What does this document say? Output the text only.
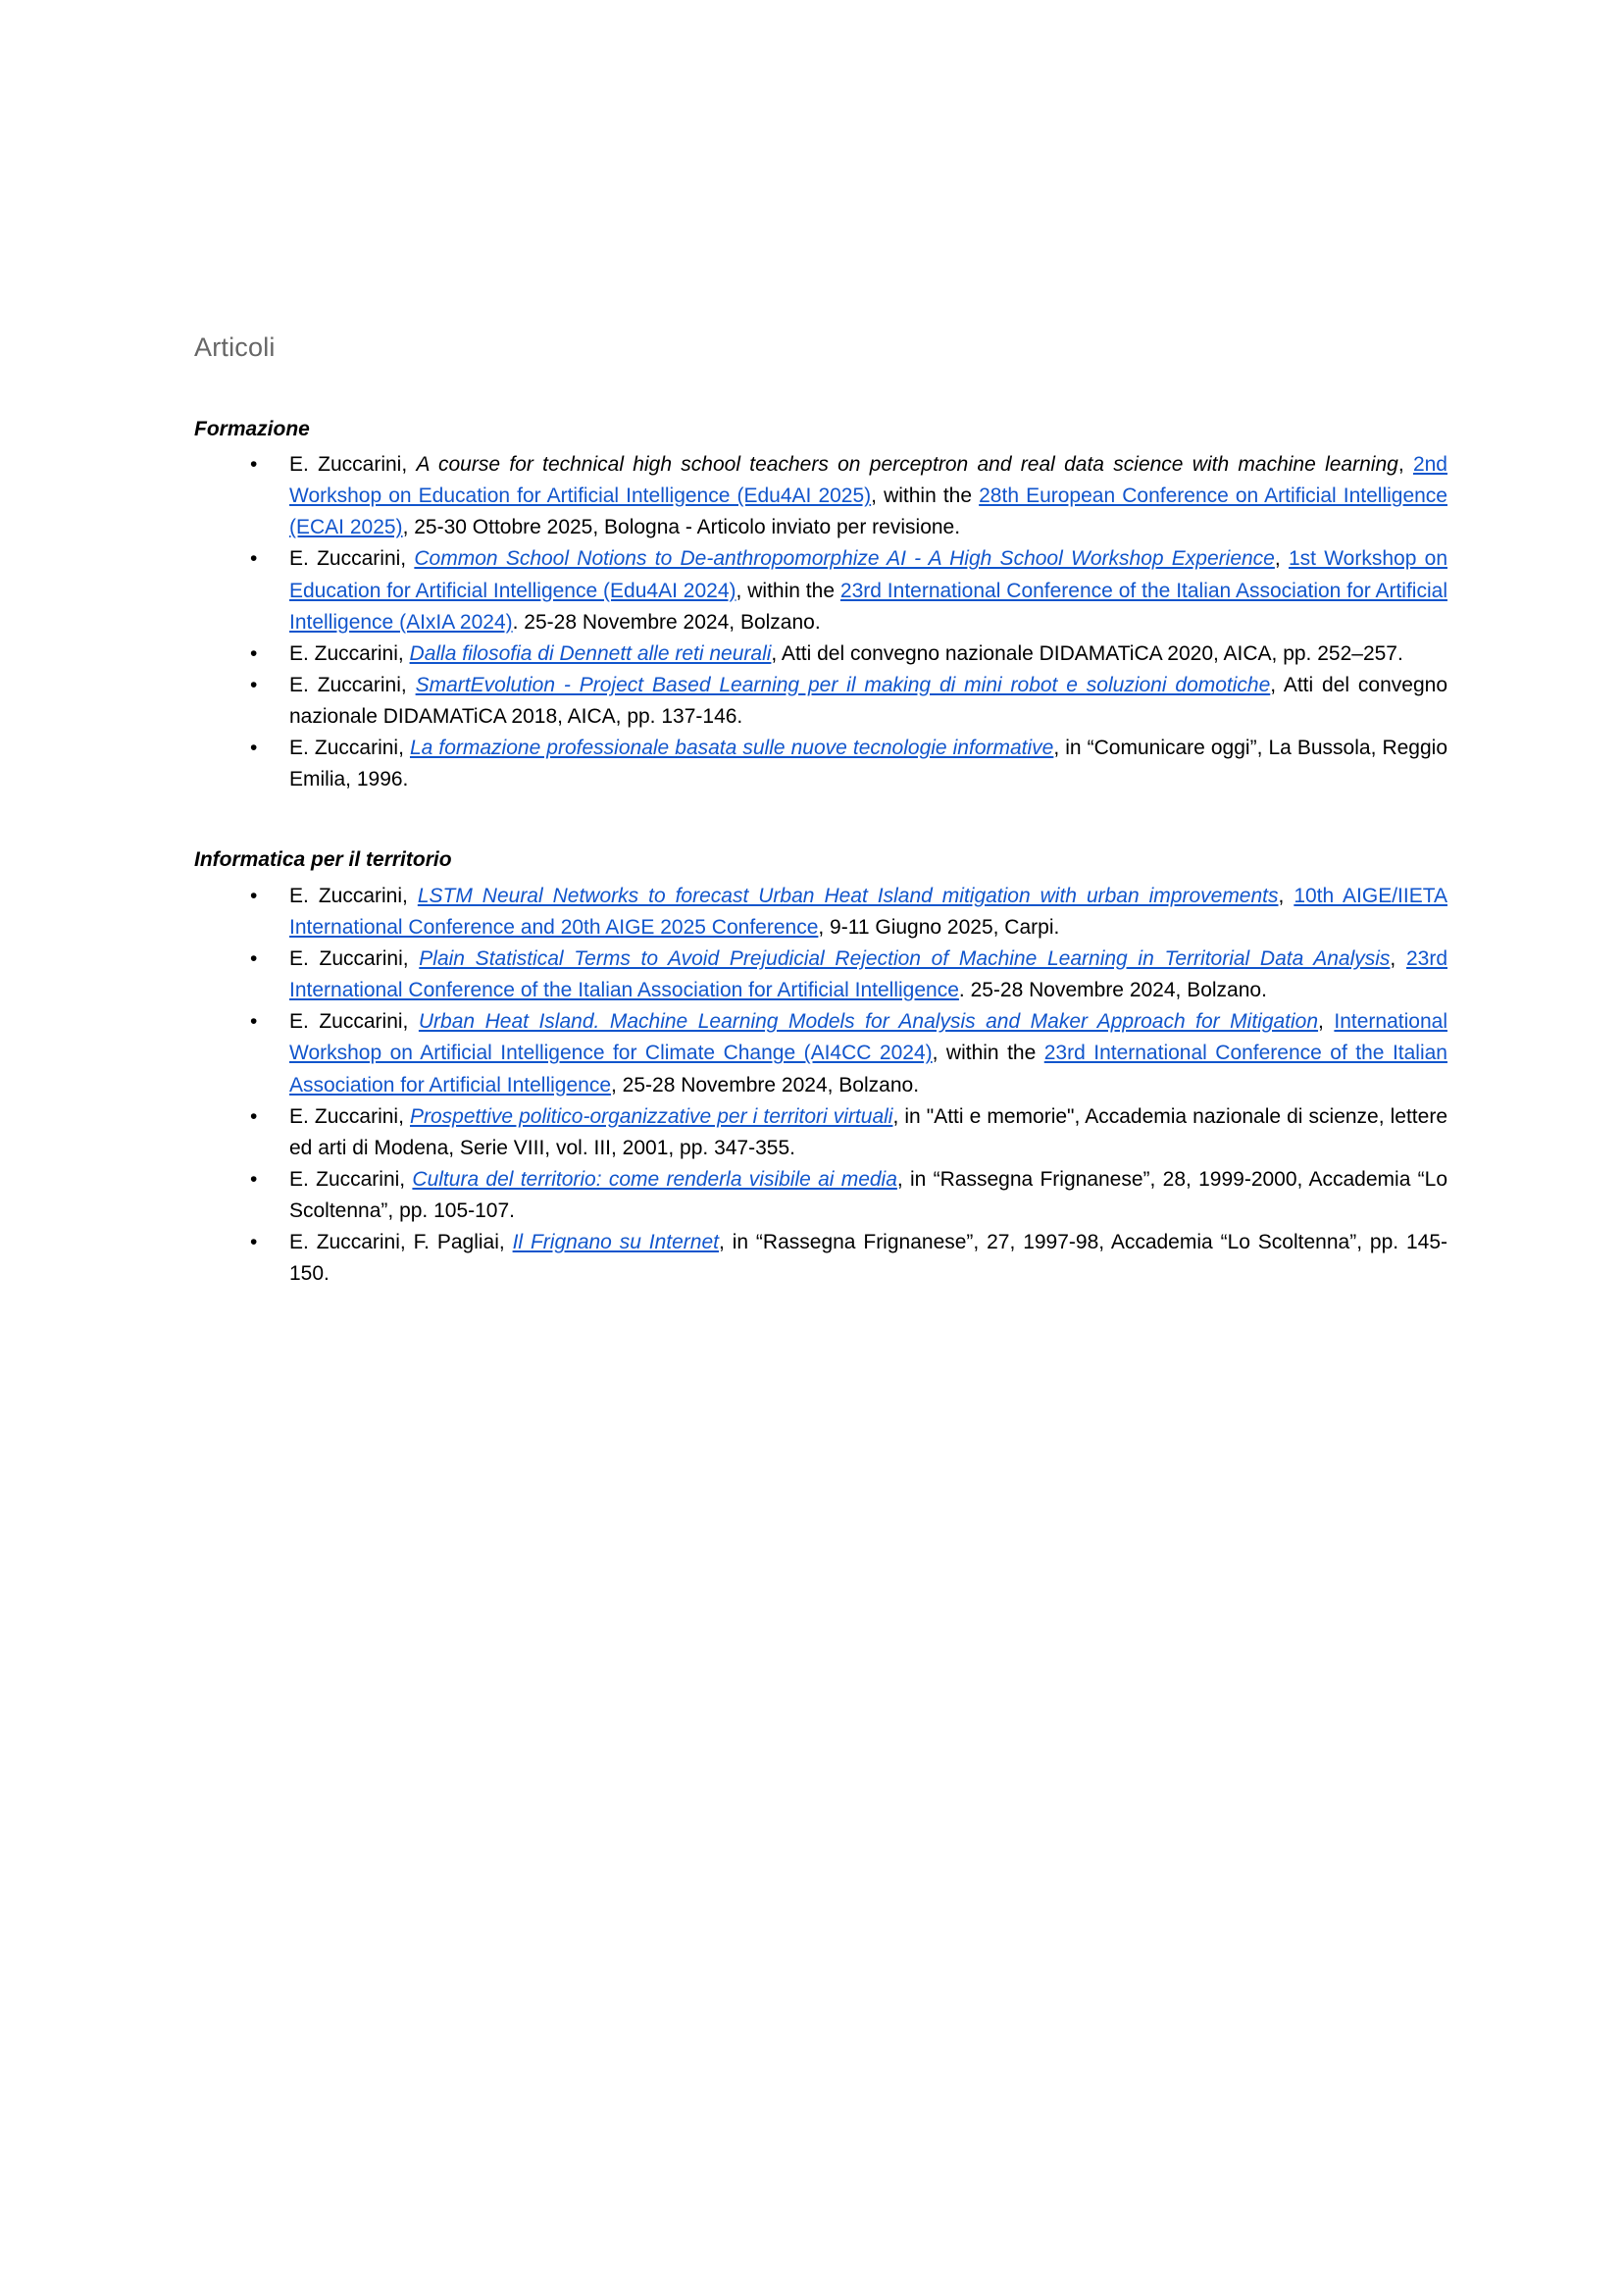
Articoli
Formazione
• E. Zuccarini, A course for technical high school teachers on perceptron and real data science with machine learning, 2nd Workshop on Education for Artificial Intelligence (Edu4AI 2025), within the 28th European Conference on Artificial Intelligence (ECAI 2025), 25-30 Ottobre 2025, Bologna - Articolo inviato per revisione.
• E. Zuccarini, Common School Notions to De-anthropomorphize AI - A High School Workshop Experience, 1st Workshop on Education for Artificial Intelligence (Edu4AI 2024), within the 23rd International Conference of the Italian Association for Artificial Intelligence (AIxIA 2024). 25-28 Novembre 2024, Bolzano.
• E. Zuccarini, Dalla filosofia di Dennett alle reti neurali, Atti del convegno nazionale DIDAMATiCA 2020, AICA, pp. 252–257.
• E. Zuccarini, SmartEvolution - Project Based Learning per il making di mini robot e soluzioni domotiche, Atti del convegno nazionale DIDAMATiCA 2018, AICA, pp. 137-146.
• E. Zuccarini, La formazione professionale basata sulle nuove tecnologie informative, in “Comunicare oggi”, La Bussola, Reggio Emilia, 1996.
Informatica per il territorio
• E. Zuccarini, LSTM Neural Networks to forecast Urban Heat Island mitigation with urban improvements, 10th AIGE/IIETA International Conference and 20th AIGE 2025 Conference, 9-11 Giugno 2025, Carpi.
• E. Zuccarini, Plain Statistical Terms to Avoid Prejudicial Rejection of Machine Learning in Territorial Data Analysis, 23rd International Conference of the Italian Association for Artificial Intelligence. 25-28 Novembre 2024, Bolzano.
• E. Zuccarini, Urban Heat Island. Machine Learning Models for Analysis and Maker Approach for Mitigation, International Workshop on Artificial Intelligence for Climate Change (AI4CC 2024), within the 23rd International Conference of the Italian Association for Artificial Intelligence, 25-28 Novembre 2024, Bolzano.
• E. Zuccarini, Prospettive politico-organizzative per i territori virtuali, in "Atti e memorie", Accademia nazionale di scienze, lettere ed arti di Modena, Serie VIII, vol. III, 2001, pp. 347-355.
• E. Zuccarini, Cultura del territorio: come renderla visibile ai media, in “Rassegna Frignanese”, 28, 1999-2000, Accademia “Lo Scoltenna”, pp. 105-107.
• E. Zuccarini, F. Pagliai, Il Frignano su Internet, in “Rassegna Frignanese”, 27, 1997-98, Accademia “Lo Scoltenna”, pp. 145-150.
